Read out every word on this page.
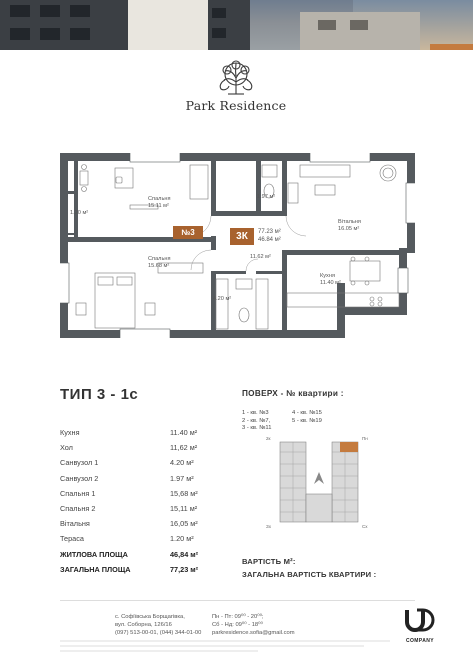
Park Residence
1.20 м²
Спальня
15.11 м²
1.97 м²
Вітальня
16.05 м²
Спальня
15.68 м²
11.62 м²
Кухня
11.40 м²
4.20 м²
№3	3К	77.23 м²
46.84 м²
ТИП 3 - 1с
Кухня	11.40 м²
Хол	11,62 м²
Санвузол 1	4.20 м²
Санвузол 2	1.97 м²
Спальня 1	15,68 м²
Спальня 2	15,11 м²
Вітальня	16,05 м²
Тераса	1.20 м²
ЖИТЛОВА ПЛОЩА	46,84 м²
ЗАГАЛЬНА ПЛОЩА	77,23 м²
ПОВЕРХ - № квартири :
1 - кв. №3
2 - кв. №7,
3 - кв. №11
4 - кв. №15
5 - кв. №19
2к	Пн
Зх	Сх
ВАРТІСТЬ М²:
ЗАГАЛЬНА ВАРТІСТЬ КВАРТИРИ :
с. Софіївська Борщагівка,
вул. Соборна, 126/16
(097) 513-00-01, (044) 344-01-00
Пн - Пт: 09⁰⁰ - 20⁰⁰;
Сб - Нд: 09⁰⁰ - 18⁰⁰
parkresidence.sofia@gmail.com
COMPANY
